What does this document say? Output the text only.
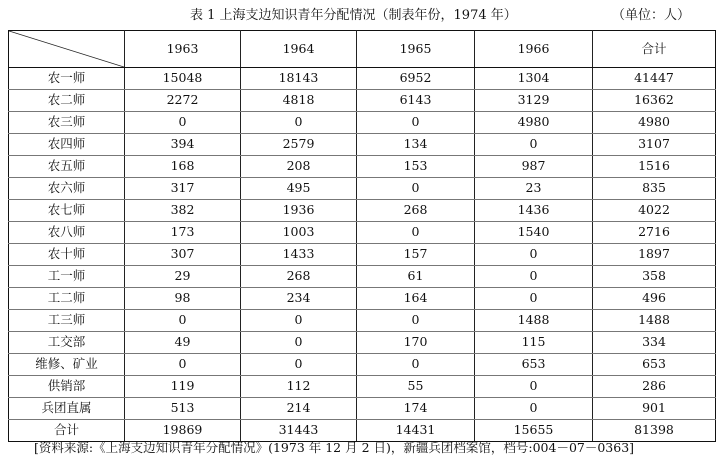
表 1 上海支边知识青年分配情况（制表年份，1974 年）	（单位：人）
	1963	1964	1965	1966	合计
农一师	15048	18143	6952	1304	41447
农二师	2272	4818	6143	3129	16362
农三师	0	0	0	4980	4980
农四师	394	2579	134	0	3107
农五师	168	208	153	987	1516
农六师	317	495	0	23	835
农七师	382	1936	268	1436	4022
农八师	173	1003	0	1540	2716
农十师	307	1433	157	0	1897
工一师	29	268	61	0	358
工二师	98	234	164	0	496
工三师	0	0	0	1488	1488
工交部	49	0	170	115	334
维修、矿业	0	0	0	653	653
供销部	119	112	55	0	286
兵团直属	513	214	174	0	901
合计	19869	31443	14431	15655	81398
[资料来源:《上海支边知识青年分配情况》(1973 年 12 月 2 日)，新疆兵团档案馆，档号:004－07－0363]
